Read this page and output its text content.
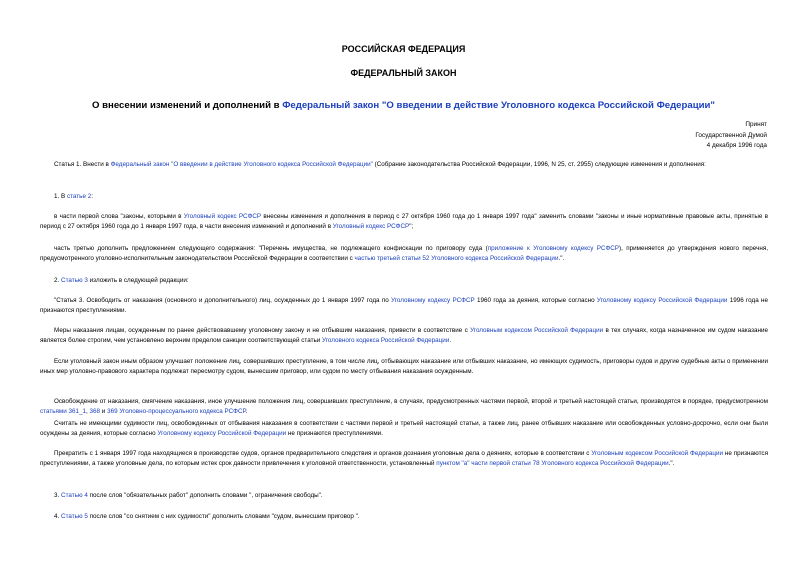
РОССИЙСКАЯ ФЕДЕРАЦИЯ

ФЕДЕРАЛЬНЫЙ ЗАКОН

О внесении изменений и дополнений в Федеральный закон "О введении в действие Уголовного кодекса Российской Федерации"

Принят
Государственной Думой
4 декабря 1996 года

Статья 1. Внести в Федеральный закон "О введении в действие Уголовного кодекса Российской Федерации" (Собрание законодательства Российской Федерации, 1996, N 25, ст. 2955) следующие изменения и дополнения:

1. В статье 2:

в части первой слова "законы, которыми в Уголовный кодекс РСФСР внесены изменения и дополнения в период с 27 октября 1960 года до 1 января 1997 года" заменить словами "законы и иные нормативные правовые акты, принятые в период с 27 октября 1960 года до 1 января 1997 года, в части внесения изменений и дополнений в Уголовный кодекс РСФСР";

часть третью дополнить предложением следующего содержания: "Перечень имущества, не подлежащего конфискации по приговору суда (приложение к Уголовному кодексу РСФСР), применяется до утверждения нового перечня, предусмотренного уголовно-исполнительным законодательством Российской Федерации в соответствии с частью третьей статьи 52 Уголовного кодекса Российской Федерации.".

2. Статью 3 изложить в следующей редакции:

"Статья 3. Освободить от наказания (основного и дополнительного) лиц, осужденных до 1 января 1997 года по Уголовному кодексу РСФСР 1960 года за деяния, которые согласно Уголовному кодексу Российской Федерации 1996 года не признаются преступлениями.

Меры наказания лицам, осужденным по ранее действовавшему уголовному закону и не отбывшим наказания, привести в соответствие с Уголовным кодексом Российской Федерации в тех случаях, когда назначенное им судом наказание является более строгим, чем установлено верхним пределом санкции соответствующей статьи Уголовного кодекса Российской Федерации.

Если уголовный закон иным образом улучшает положение лиц, совершивших преступление, в том числе лиц, отбывающих наказание или отбывших наказание, но имеющих судимость, приговоры судов и другие судебные акты о применении иных мер уголовно-правового характера подлежат пересмотру судом, вынесшим приговор, или судом по месту отбывания наказания осужденным.

Освобождение от наказания, смягчение наказания, иное улучшение положения лиц, совершивших преступление, в случаях, предусмотренных частями первой, второй и третьей настоящей статьи, производятся в порядке, предусмотренном статьями 361_1, 368 и 369 Уголовно-процессуального кодекса РСФСР.

Считать не имеющими судимости лиц, освобожденных от отбывания наказания в соответствии с частями первой и третьей настоящей статьи, а также лиц, ранее отбывших наказание или освобожденных условно-досрочно, если они были осуждены за деяния, которые согласно Уголовному кодексу Российской Федерации не признаются преступлениями.

Прекратить с 1 января 1997 года находящиеся в производстве судов, органов предварительного следствия и органов дознания уголовные дела о деяниях, которые в соответствии с Уголовным кодексом Российской Федерации не признаются преступлениями, а также уголовные дела, по которым истек срок давности привлечения к уголовной ответственности, установленный пунктом "а" части первой статьи 78 Уголовного кодекса Российской Федерации.".

3. Статью 4 после слов "обязательных работ" дополнить словами ", ограничения свободы".

4. Статью 5 после слов "со снятием с них судимости" дополнить словами "судом, вынесшим приговор ".
